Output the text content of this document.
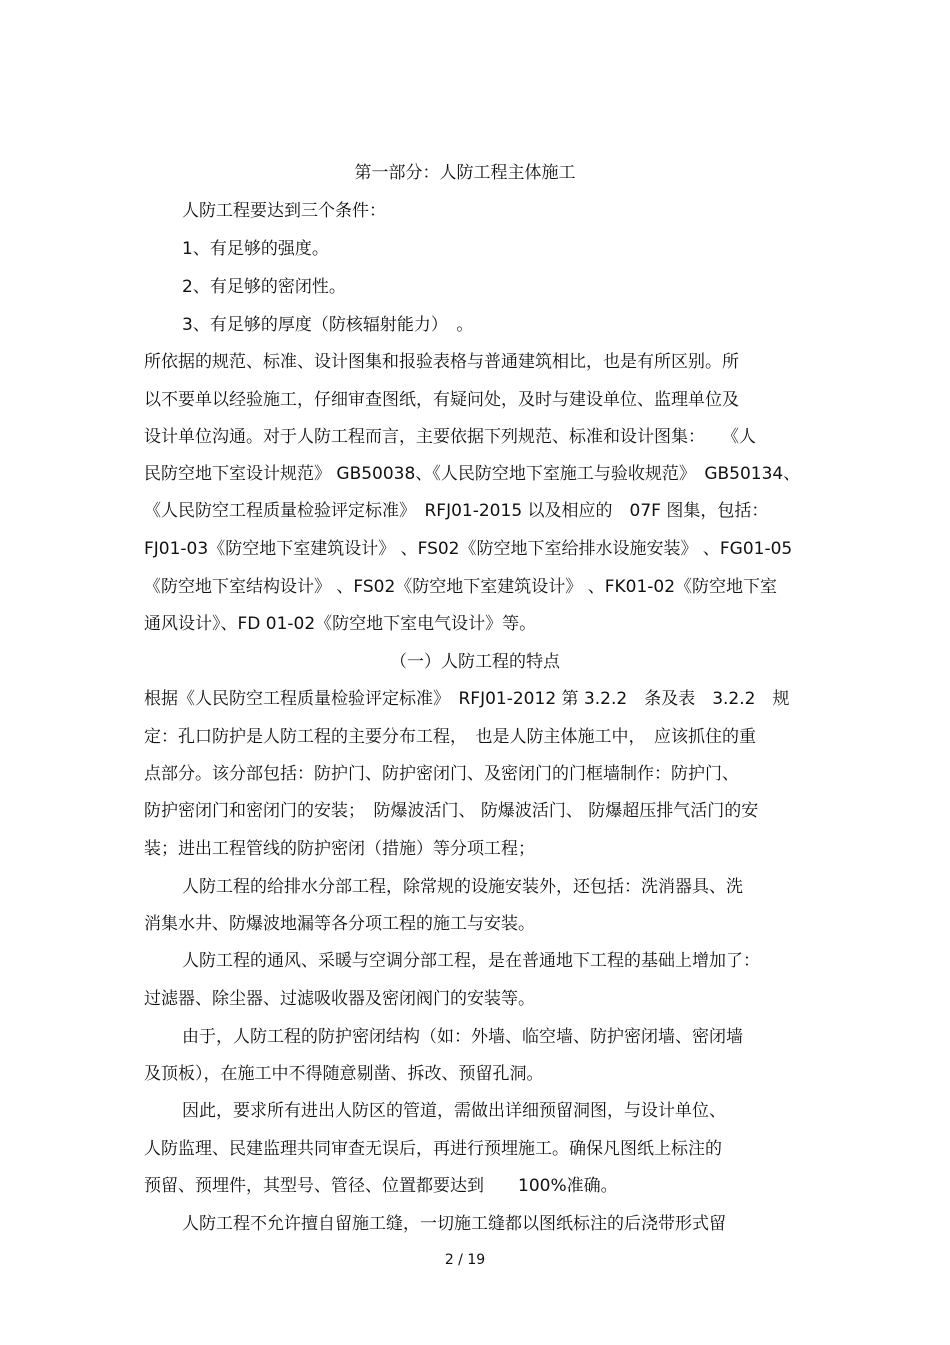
第一部分：人防工程主体施工
人防工程要达到三个条件：
1、有足够的强度。
2、有足够的密闭性。
3、有足够的厚度（防核辐射能力）　。
所依据的规范、标准、设计图集和报验表格与普通建筑相比，也是有所区别。所
以不要单以经验施工，仔细审查图纸，有疑问处，及时与建设单位、监理单位及
设计单位沟通。对于人防工程而言，主要依据下列规范、标准和设计图集：　　《人
民防空地下室设计规范》 GB50038、《人民防空地下室施工与验收规范》　GB50134、
《人民防空工程质量检验评定标准》　RFJ01-2015 以及相应的　07F 图集，包括：
FJ01-03《防空地下室建筑设计》 、FS02《防空地下室给排水设施安装》 、FG01-05
《防空地下室结构设计》 、FS02《防空地下室建筑设计》 、FK01-02《防空地下室
通风设计》、FD 01-02《防空地下室电气设计》等。
（一）人防工程的特点
根据《人民防空工程质量检验评定标准》　RFJ01-2012 第 3.2.2　条及表　3.2.2　规
定：孔口防护是人防工程的主要分布工程，　也是人防主体施工中，　应该抓住的重
点部分。该分部包括：防护门、防护密闭门、及密闭门的门框墙制作：防护门、
防护密闭门和密闭门的安装；　防爆波活门、 防爆波活门、 防爆超压排气活门的安
装；进出工程管线的防护密闭（措施）等分项工程；
人防工程的给排水分部工程，除常规的设施安装外，还包括：洗消器具、洗
消集水井、防爆波地漏等各分项工程的施工与安装。
人防工程的通风、采暖与空调分部工程，是在普通地下工程的基础上增加了：
过滤器、除尘器、过滤吸收器及密闭阀门的安装等。
由于，人防工程的防护密闭结构（如：外墙、临空墙、防护密闭墙、密闭墙
及顶板），在施工中不得随意剔凿、拆改、预留孔洞。
因此，要求所有进出人防区的管道，需做出详细预留洞图，与设计单位、
人防监理、民建监理共同审查无误后，再进行预埋施工。确保凡图纸上标注的
预留、预埋件，其型号、管径、位置都要达到　　100%准确。
人防工程不允许擅自留施工缝，一切施工缝都以图纸标注的后浇带形式留
2 / 19
